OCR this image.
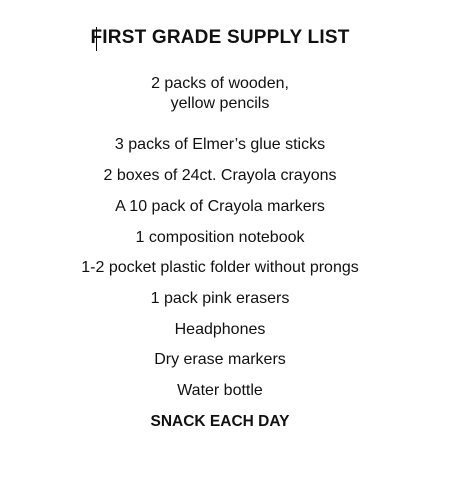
FIRST GRADE SUPPLY LIST
2 packs of wooden,
yellow pencils
3 packs of Elmer’s glue sticks
2 boxes of 24ct. Crayola crayons
A 10 pack of Crayola markers
1 composition notebook
1-2 pocket plastic folder without prongs
1 pack pink erasers
Headphones
Dry erase markers
Water bottle
SNACK EACH DAY
